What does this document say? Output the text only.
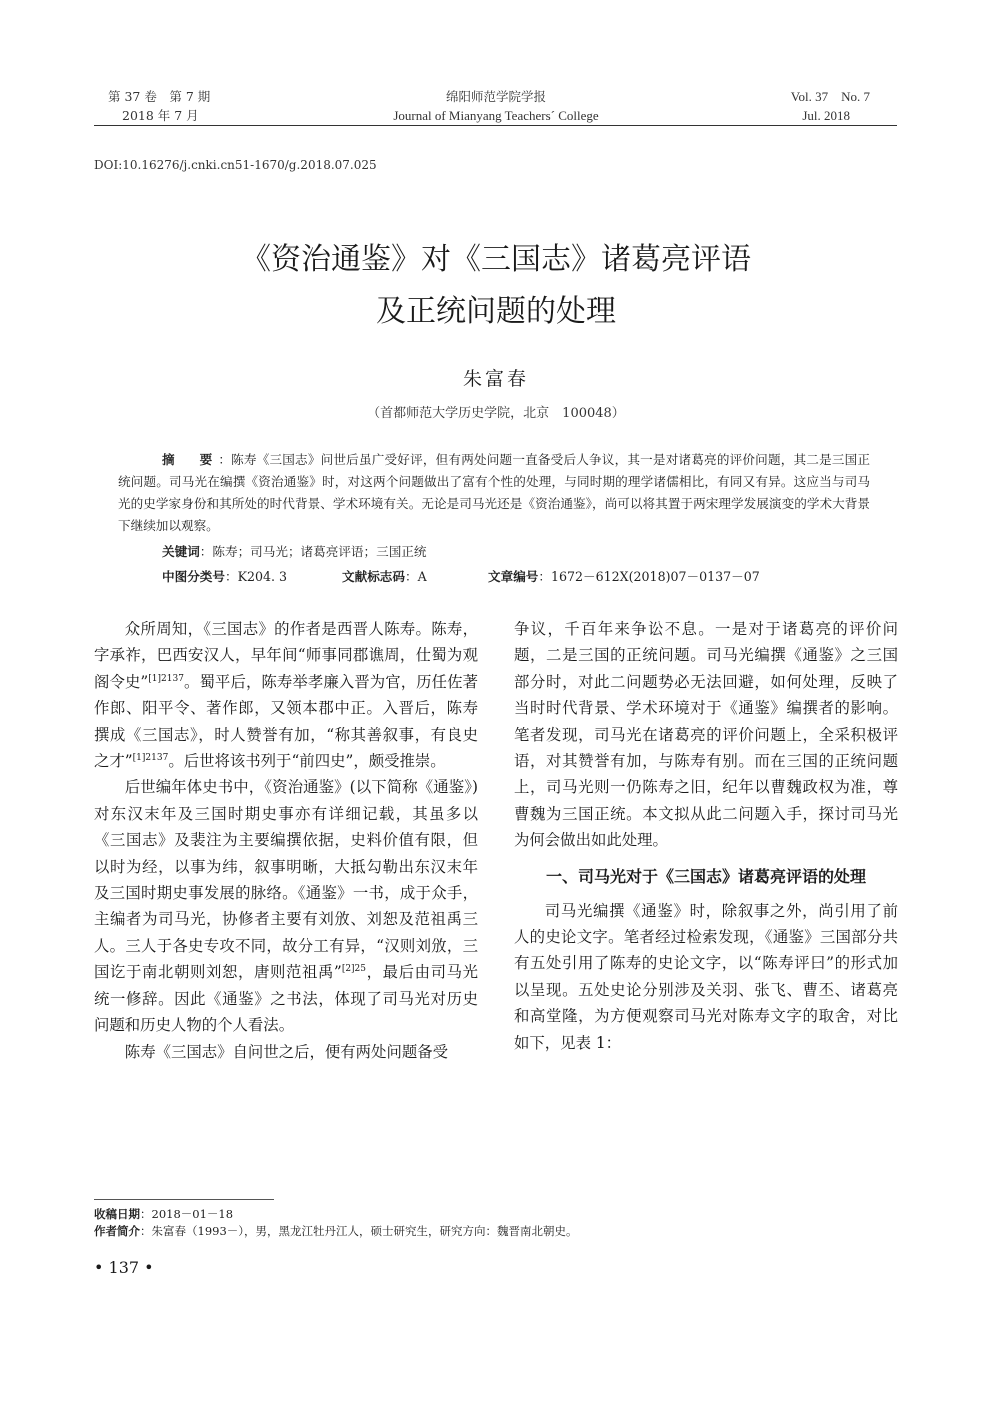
第 37 卷　第 7 期
2018 年 7 月
绵阳师范学院学报
Journal of Mianyang Teachers´ College
Vol. 37　No. 7
Jul. 2018
DOI:10.16276/j.cnki.cn51-1670/g.2018.07.025
《资治通鉴》对《三国志》诸葛亮评语
及正统问题的处理
朱富春
（首都师范大学历史学院，北京　100048）
摘　要：陈寿《三国志》问世后虽广受好评，但有两处问题一直备受后人争议，其一是对诸葛亮的评价问题，其二是三国正统问题。司马光在编撰《资治通鉴》时，对这两个问题做出了富有个性的处理，与同时期的理学诸儒相比，有同又有异。这应当与司马光的史学家身份和其所处的时代背景、学术环境有关。无论是司马光还是《资治通鉴》，尚可以将其置于两宋理学发展演变的学术大背景下继续加以观察。
关键词：陈寿；司马光；诸葛亮评语；三国正统
中图分类号：K204. 3	文献标志码：A	文章编号：1672－612X(2018)07－0137－07

众所周知，《三国志》的作者是西晋人陈寿。陈寿，字承祚，巴西安汉人，早年间“师事同郡谯周，仕蜀为观阁令史”$^{[1]2137}$。蜀平后，陈寿举孝廉入晋为官，历任佐著作郎、阳平令、著作郎，又领本郡中正。入晋后，陈寿撰成《三国志》，时人赞誉有加，“称其善叙事，有良史之才”$^{[1]2137}$。后世将该书列于“前四史”，颇受推崇。

后世编年体史书中，《资治通鉴》(以下简称《通鉴》)对东汉末年及三国时期史事亦有详细记载，其虽多以《三国志》及裴注为主要编撰依据，史料价值有限，但以时为经，以事为纬，叙事明晰，大抵勾勒出东汉末年及三国时期史事发展的脉络。《通鉴》一书，成于众手，主编者为司马光，协修者主要有刘攽、刘恕及范祖禹三人。三人于各史专攻不同，故分工有异，“汉则刘攽，三国讫于南北朝则刘恕，唐则范祖禹”$^{[2]25}$，最后由司马光统一修辞。因此《通鉴》之书法，体现了司马光对历史问题和历史人物的个人看法。

陈寿《三国志》自问世之后，便有两处问题备受

争议，千百年来争讼不息。一是对于诸葛亮的评价问题，二是三国的正统问题。司马光编撰《通鉴》之三国部分时，对此二问题势必无法回避，如何处理，反映了当时时代背景、学术环境对于《通鉴》编撰者的影响。笔者发现，司马光在诸葛亮的评价问题上，全采积极评语，对其赞誉有加，与陈寿有别。而在三国的正统问题上，司马光则一仍陈寿之旧，纪年以曹魏政权为准，尊曹魏为三国正统。本文拟从此二问题入手，探讨司马光为何会做出如此处理。

一、司马光对于《三国志》诸葛亮评语的处理

司马光编撰《通鉴》时，除叙事之外，尚引用了前人的史论文字。笔者经过检索发现，《通鉴》三国部分共有五处引用了陈寿的史论文字，以“陈寿评曰”的形式加以呈现。五处史论分别涉及关羽、张飞、曹丕、诸葛亮和高堂隆，为方便观察司马光对陈寿文字的取舍，对比如下，见表 1：

收稿日期：2018－01－18
作者简介：朱富春（1993－），男，黑龙江牡丹江人，硕士研究生，研究方向：魏晋南北朝史。
• 137 •
